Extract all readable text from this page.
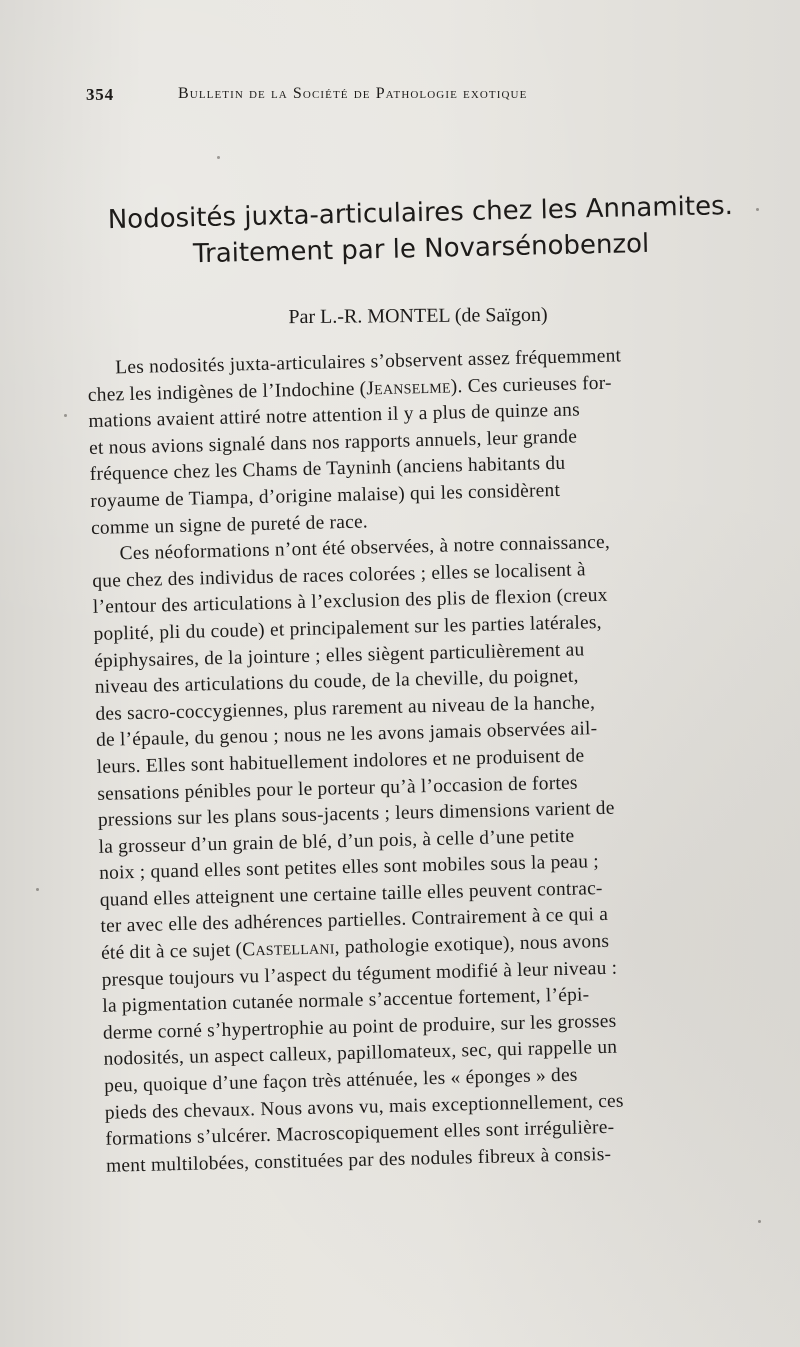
354	Bulletin de la Société de Pathologie exotique
Nodosités juxta-articulaires chez les Annamites.
Traitement par le Novarsénobenzol
Par L.-R. MONTEL (de Saïgon)
Les nodosités juxta-articulaires s’observent assez fréquemment
chez les indigènes de l’Indochine (Jeanselme). Ces curieuses for-
mations avaient attiré notre attention il y a plus de quinze ans
et nous avions signalé dans nos rapports annuels, leur grande
fréquence chez les Chams de Tayninh (anciens habitants du
royaume de Tiampa, d’origine malaise) qui les considèrent
comme un signe de pureté de race.
Ces néoformations n’ont été observées, à notre connaissance,
que chez des individus de races colorées ; elles se localisent à
l’entour des articulations à l’exclusion des plis de flexion (creux
poplité, pli du coude) et principalement sur les parties latérales,
épiphysaires, de la jointure ; elles siègent particulièrement au
niveau des articulations du coude, de la cheville, du poignet,
des sacro-coccygiennes, plus rarement au niveau de la hanche,
de l’épaule, du genou ; nous ne les avons jamais observées ail-
leurs. Elles sont habituellement indolores et ne produisent de
sensations pénibles pour le porteur qu’à l’occasion de fortes
pressions sur les plans sous-jacents ; leurs dimensions varient de
la grosseur d’un grain de blé, d’un pois, à celle d’une petite
noix ; quand elles sont petites elles sont mobiles sous la peau ;
quand elles atteignent une certaine taille elles peuvent contrac-
ter avec elle des adhérences partielles. Contrairement à ce qui a
été dit à ce sujet (Castellani, pathologie exotique), nous avons
presque toujours vu l’aspect du tégument modifié à leur niveau :
la pigmentation cutanée normale s’accentue fortement, l’épi-
derme corné s’hypertrophie au point de produire, sur les grosses
nodosités, un aspect calleux, papillomateux, sec, qui rappelle un
peu, quoique d’une façon très atténuée, les « éponges » des
pieds des chevaux. Nous avons vu, mais exceptionnellement, ces
formations s’ulcérer. Macroscopiquement elles sont irrégulière-
ment multilobées, constituées par des nodules fibreux à consis-
